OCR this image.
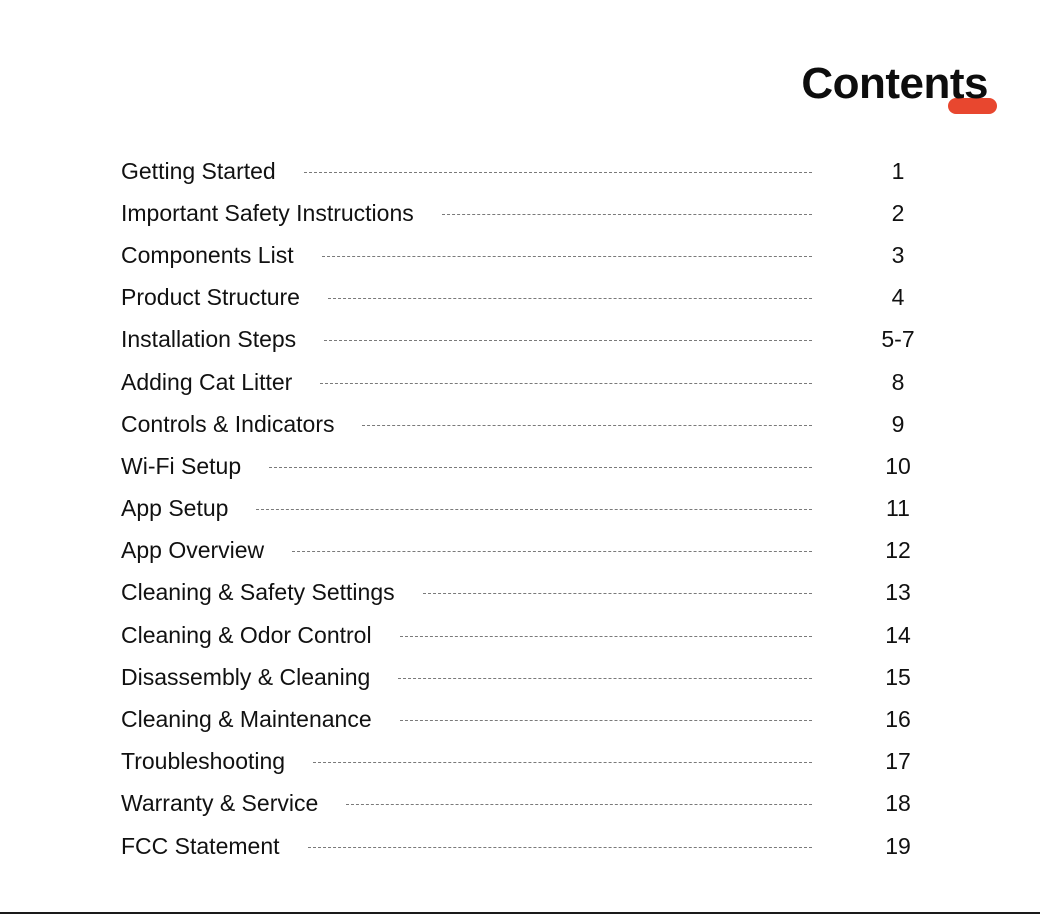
Contents
Getting Started	1
Important Safety Instructions	2
Components List	3
Product Structure	4
Installation Steps	5-7
Adding Cat Litter	8
Controls & Indicators	9
Wi-Fi Setup	10
App Setup	11
App Overview	12
Cleaning & Safety Settings	13
Cleaning & Odor Control	14
Disassembly & Cleaning	15
Cleaning & Maintenance	16
Troubleshooting	17
Warranty & Service	18
FCC Statement	19
